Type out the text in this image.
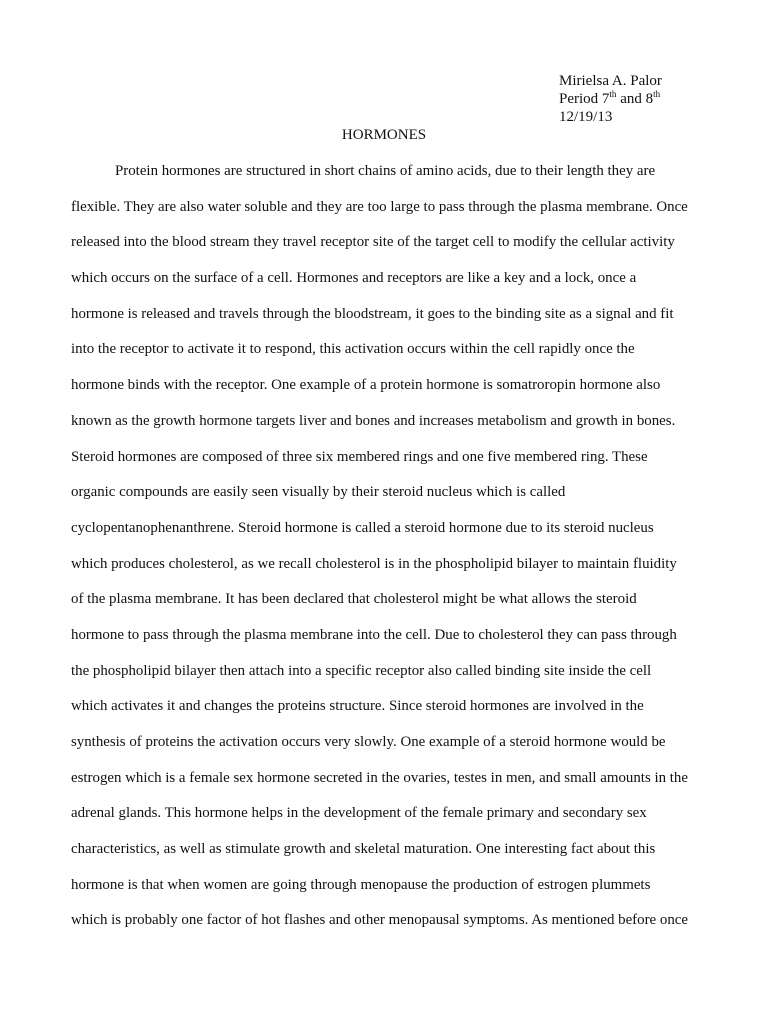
Mirielsa A. Palor
Period 7th and 8th
12/19/13
HORMONES
Protein hormones are structured in short chains of amino acids, due to their length they are
flexible. They are also water soluble and they are too large to pass through the plasma membrane. Once
released into the blood stream they travel receptor site of the target cell to modify the cellular activity
which occurs on the surface of a cell. Hormones and receptors are like a key and a lock, once a
hormone is released and travels through the bloodstream, it goes to the binding site as a signal and fit
into the receptor to activate it to respond, this activation occurs within the cell rapidly once the
hormone binds with the receptor. One example of a protein hormone is somatroropin hormone also
known as the growth hormone targets liver and bones and increases metabolism and growth in bones.
Steroid hormones are composed of three six membered rings and one five membered ring. These
organic compounds are easily seen visually by their steroid nucleus which is called
cyclopentanophenanthrene. Steroid hormone is called a steroid hormone due to its steroid nucleus
which produces cholesterol, as we recall cholesterol is in the phospholipid bilayer to maintain fluidity
of the plasma membrane. It has been declared that cholesterol might be what allows the steroid
hormone to pass through the plasma membrane into the cell. Due to cholesterol they can pass through
the phospholipid bilayer then attach into a specific receptor also called binding site inside the cell
which activates it and changes the proteins structure. Since steroid hormones are involved in the
synthesis of proteins the activation occurs very slowly. One example of a steroid hormone would be
estrogen which is a female sex hormone secreted in the ovaries, testes in men, and small amounts in the
adrenal glands. This hormone helps in the development of the female primary and secondary sex
characteristics, as well as stimulate growth and skeletal maturation. One interesting fact about this
hormone is that when women are going through menopause the production of estrogen plummets
which is probably one factor of hot flashes and other menopausal symptoms. As mentioned before once
